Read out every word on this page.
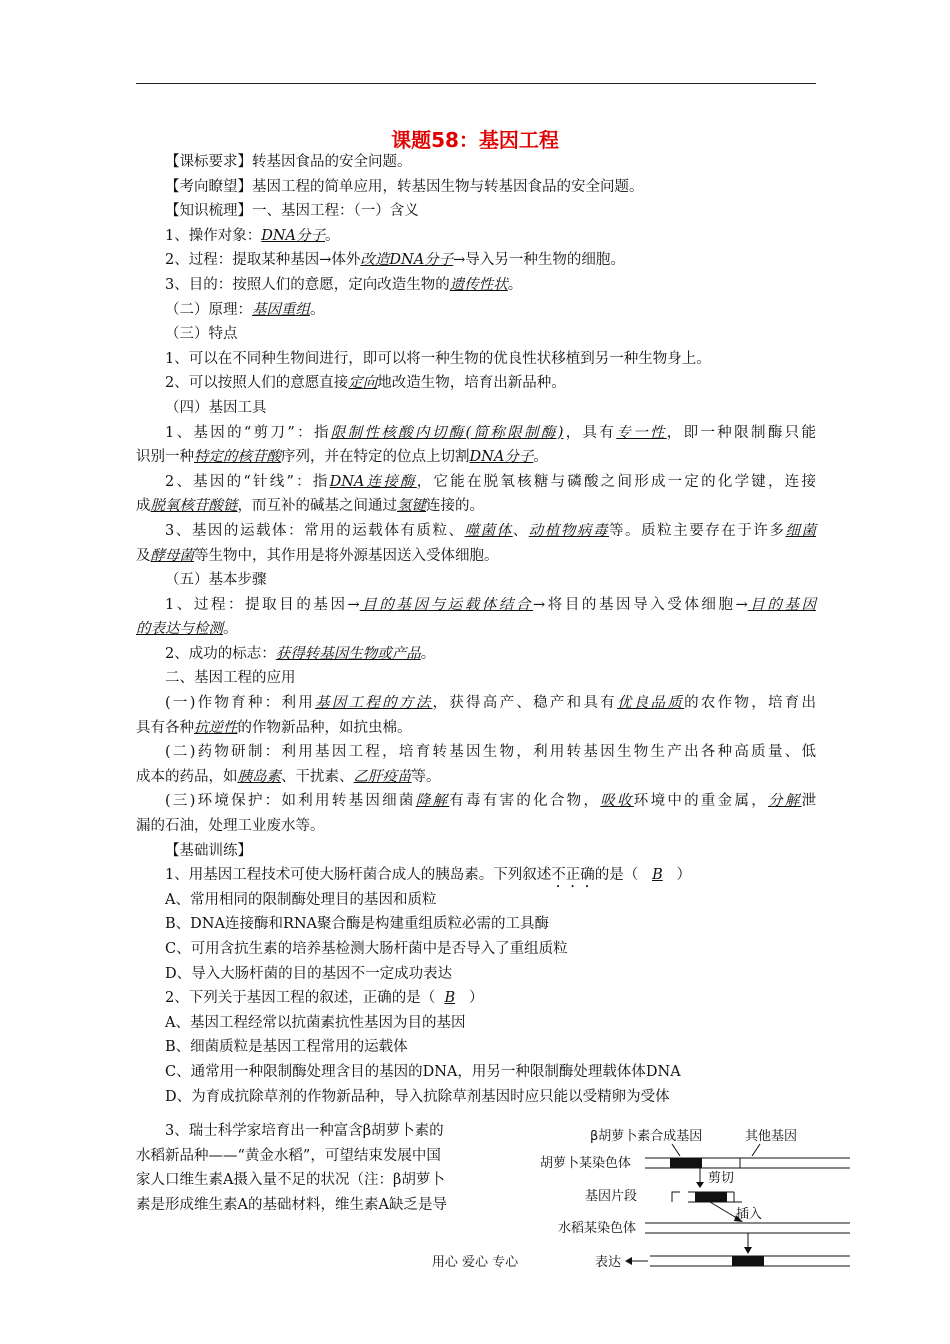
课题58：基因工程
【课标要求】转基因食品的安全问题。
【考向瞭望】基因工程的简单应用，转基因生物与转基因食品的安全问题。
【知识梳理】一、基因工程：（一）含义
1、操作对象：DNA分子。
2、过程：提取某种基因→体外改造DNA分子→导入另一种生物的细胞。
3、目的：按照人们的意愿，定向改造生物的遗传性状。
（二）原理：基因重组。
（三）特点
1、可以在不同种生物间进行，即可以将一种生物的优良性状移植到另一种生物身上。
2、可以按照人们的意愿直接定向地改造生物，培育出新品种。
（四）基因工具
1、基因的“剪刀”：指限制性核酸内切酶(简称限制酶)，具有专一性，即一种限制酶只能
识别一种特定的核苷酸序列，并在特定的位点上切割DNA分子。
2、基因的“针线”：指DNA连接酶，它能在脱氧核糖与磷酸之间形成一定的化学键，连接
成脱氧核苷酸链，而互补的碱基之间通过氢键连接的。
3、基因的运载体：常用的运载体有质粒、噬菌体、动植物病毒等。质粒主要存在于许多细菌
及酵母菌等生物中，其作用是将外源基因送入受体细胞。
（五）基本步骤
1、过程：提取目的基因→目的基因与运载体结合→将目的基因导入受体细胞→目的基因
的表达与检测。
2、成功的标志：获得转基因生物或产品。
二、基因工程的应用
(一)作物育种：利用基因工程的方法，获得高产、稳产和具有优良品质的农作物，培育出
具有各种抗逆性的作物新品种，如抗虫棉。
(二)药物研制：利用基因工程，培育转基因生物，利用转基因生物生产出各种高质量、低
成本的药品，如胰岛素、干扰素、乙肝疫苗等。
(三)环境保护：如利用转基因细菌降解有毒有害的化合物，吸收环境中的重金属，分解泄
漏的石油，处理工业废水等。
【基础训练】
1、用基因工程技术可使大肠杆菌合成人的胰岛素。下列叙述不正确的是（ B ）
A、常用相同的限制酶处理目的基因和质粒
B、DNA连接酶和RNA聚合酶是构建重组质粒必需的工具酶
C、可用含抗生素的培养基检测大肠杆菌中是否导入了重组质粒
D、导入大肠杆菌的目的基因不一定成功表达
2、下列关于基因工程的叙述，正确的是（ B ）
A、基因工程经常以抗菌素抗性基因为目的基因
B、细菌质粒是基因工程常用的运载体
C、通常用一种限制酶处理含目的基因的DNA，用另一种限制酶处理载体体DNA
D、为育成抗除草剂的作物新品种，导入抗除草剂基因时应只能以受精卵为受体
3、瑞士科学家培育出一种富含β胡萝卜素的
水稻新品种——“黄金水稻”，可望结束发展中国
家人口维生素A摄入量不足的状况（注：β胡萝卜
素是形成维生素A的基础材料，维生素A缺乏是导
β胡萝卜素合成基因	其他基因
胡萝卜某染色体
剪切
基因片段
插入
水稻某染色体
表达
用心 爱心 专心
